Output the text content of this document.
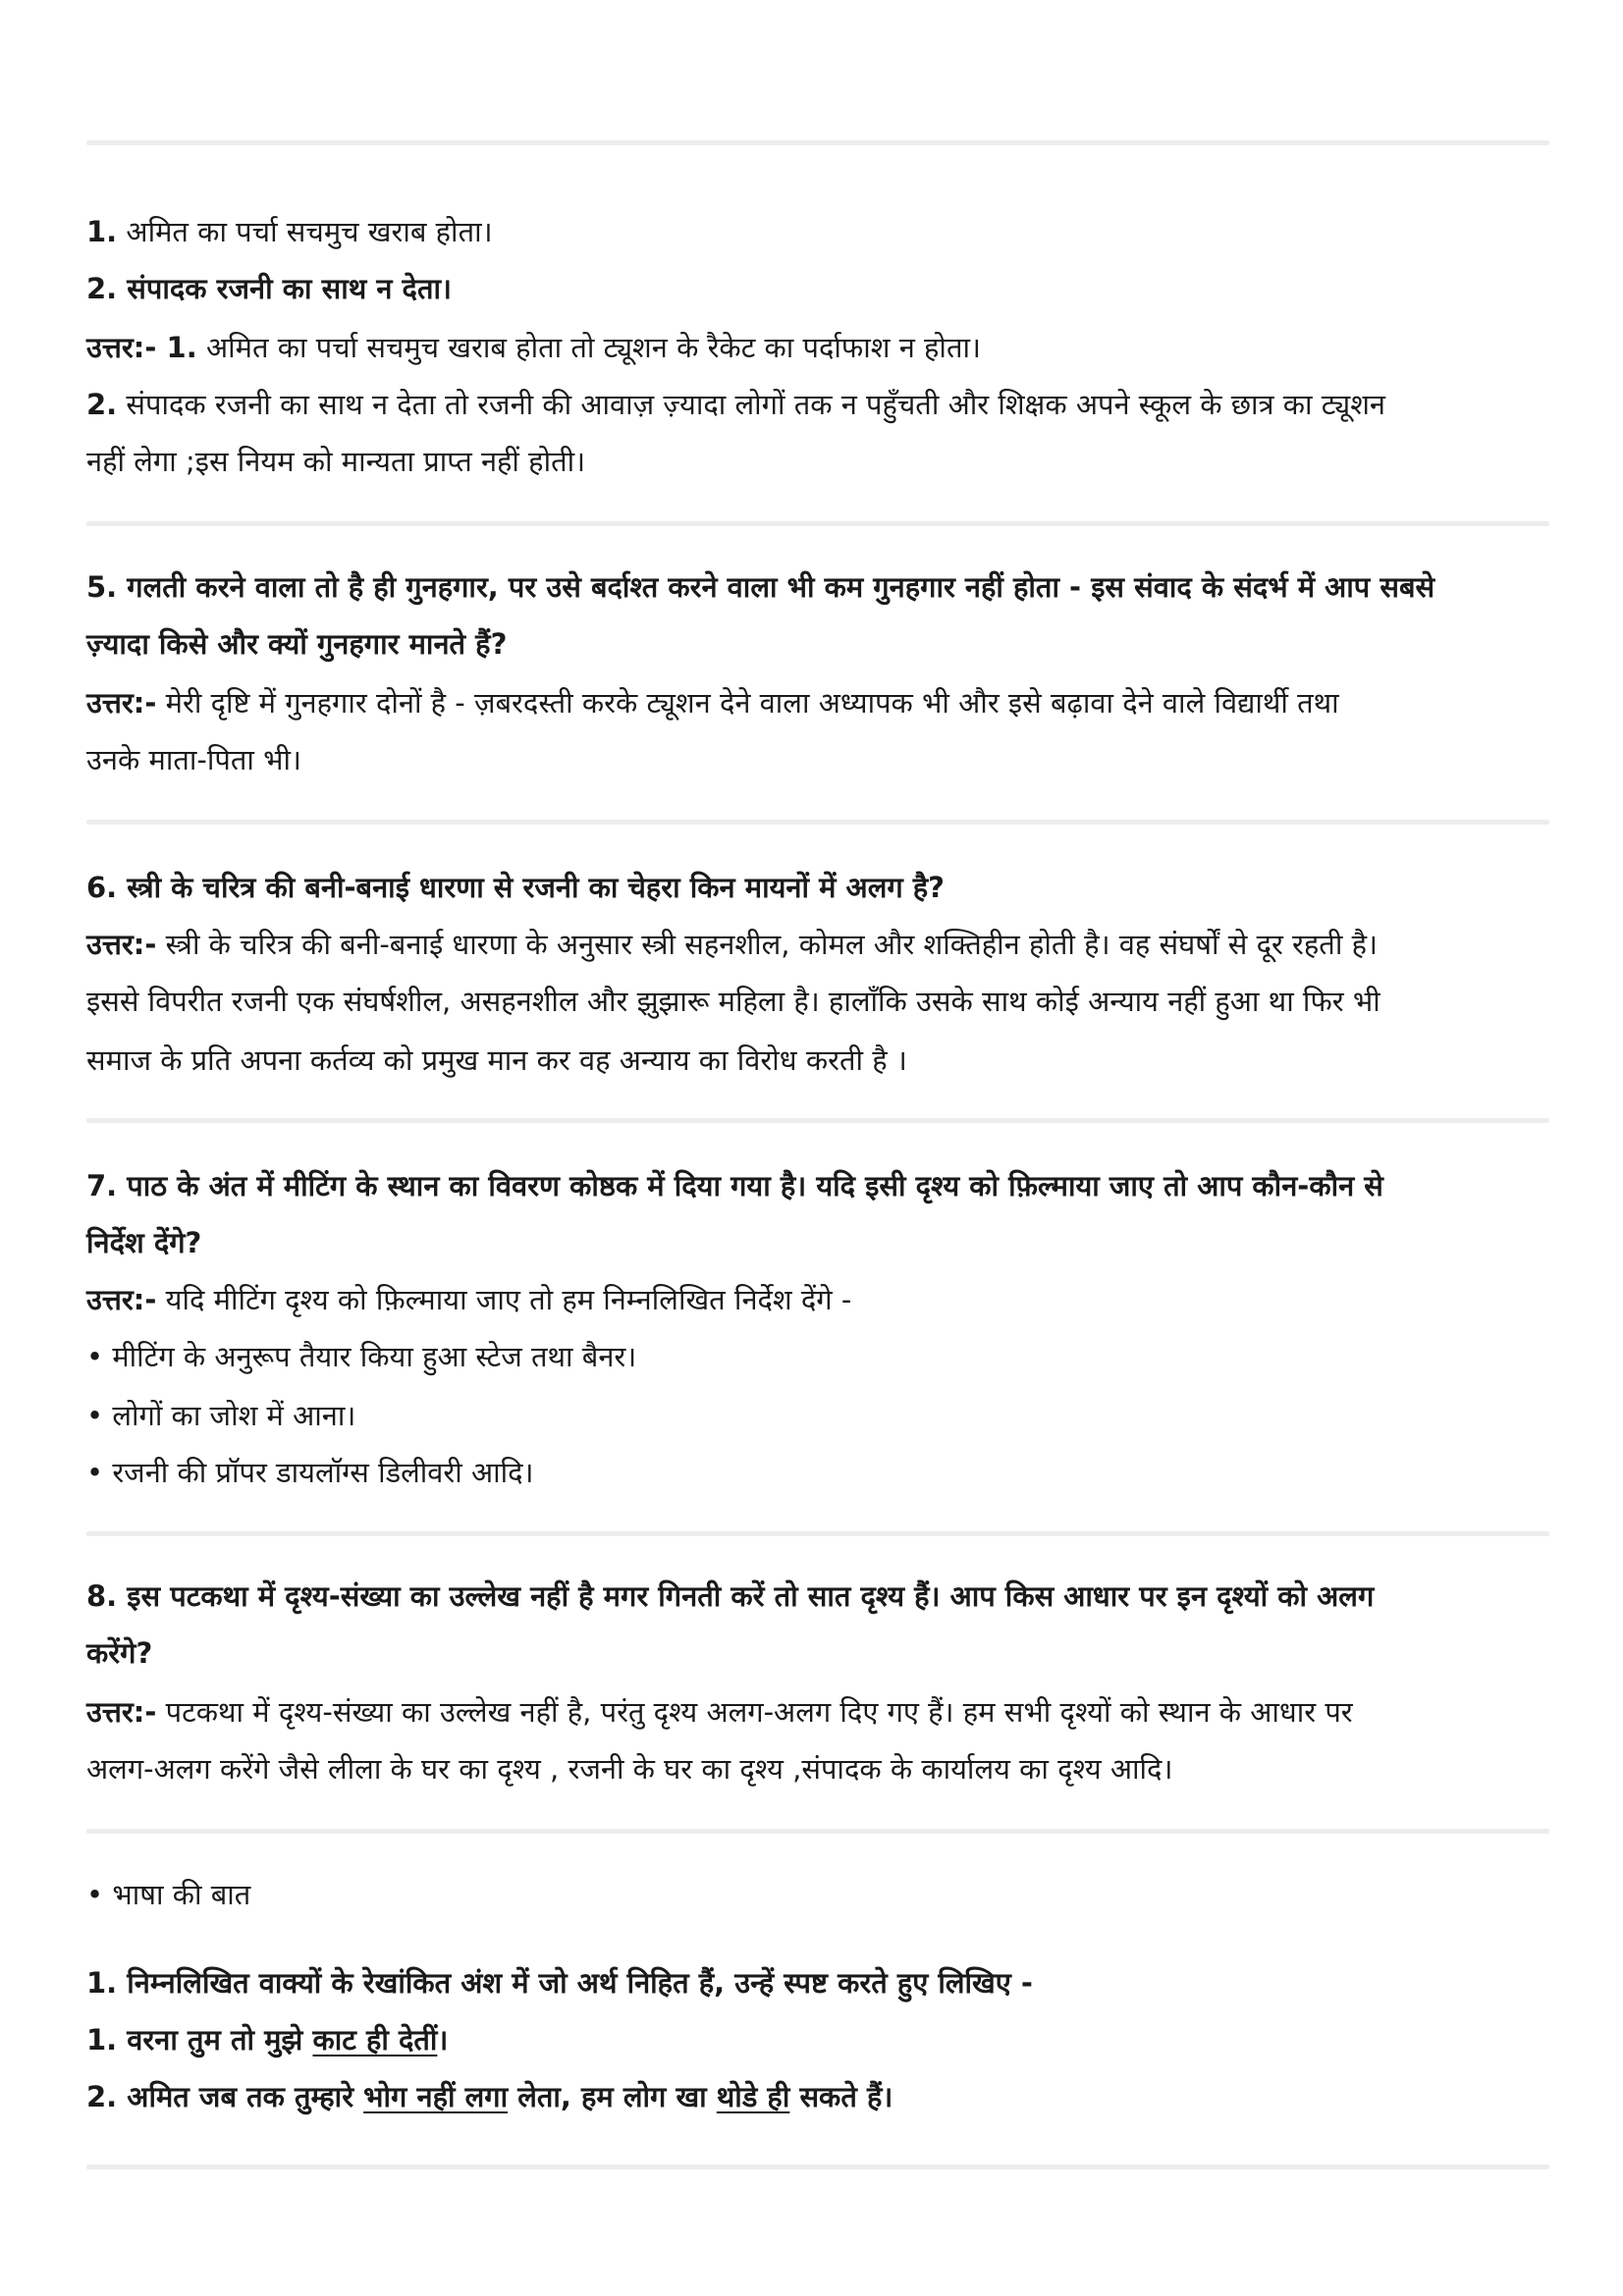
1. अमित का पर्चा सचमुच खराब होता।
2. संपादक रजनी का साथ न देता।
उत्तर:- 1. अमित का पर्चा सचमुच खराब होता तो ट्यूशन के रैकेट का पर्दाफाश न होता।
2. संपादक रजनी का साथ न देता तो रजनी की आवाज़ ज़्यादा लोगों तक न पहुँचती और शिक्षक अपने स्कूल के छात्र का ट्यूशन
नहीं लेगा ;इस नियम को मान्यता प्राप्त नहीं होती।
5. गलती करने वाला तो है ही गुनहगार, पर उसे बर्दाश्त करने वाला भी कम गुनहगार नहीं होता - इस संवाद के संदर्भ में आप सबसे
ज़्यादा किसे और क्यों गुनहगार मानते हैं?
उत्तर:- मेरी दृष्टि में गुनहगार दोनों है - ज़बरदस्ती करके ट्यूशन देने वाला अध्यापक भी और इसे बढ़ावा देने वाले विद्यार्थी तथा
उनके माता-पिता भी।
6. स्त्री के चरित्र की बनी-बनाई धारणा से रजनी का चेहरा किन मायनों में अलग है?
उत्तर:- स्त्री के चरित्र की बनी-बनाई धारणा के अनुसार स्त्री सहनशील, कोमल और शक्तिहीन होती है। वह संघर्षों से दूर रहती है।
इससे विपरीत रजनी एक संघर्षशील, असहनशील और झुझारू महिला है। हालाँकि उसके साथ कोई अन्याय नहीं हुआ था फिर भी
समाज के प्रति अपना कर्तव्य को प्रमुख मान कर वह अन्याय का विरोध करती है ।
7. पाठ के अंत में मीटिंग के स्थान का विवरण कोष्ठक में दिया गया है। यदि इसी दृश्य को फ़िल्माया जाए तो आप कौन-कौन से
निर्देश देंगे?
उत्तर:- यदि मीटिंग दृश्य को फ़िल्माया जाए तो हम निम्नलिखित निर्देश देंगे -
• मीटिंग के अनुरूप तैयार किया हुआ स्टेज तथा बैनर।
• लोगों का जोश में आना।
• रजनी की प्रॉपर डायलॉग्स डिलीवरी आदि।
8. इस पटकथा में दृश्य-संख्या का उल्लेख नहीं है मगर गिनती करें तो सात दृश्य हैं। आप किस आधार पर इन दृश्यों को अलग
करेंगे?
उत्तर:- पटकथा में दृश्य-संख्या का उल्लेख नहीं है, परंतु दृश्य अलग-अलग दिए गए हैं। हम सभी दृश्यों को स्थान के आधार पर
अलग-अलग करेंगे जैसे लीला के घर का दृश्य , रजनी के घर का दृश्य ,संपादक के कार्यालय का दृश्य आदि।
• भाषा की बात
1. निम्नलिखित वाक्यों के रेखांकित अंश में जो अर्थ निहित हैं, उन्हें स्पष्ट करते हुए लिखिए -
1. वरना तुम तो मुझे काट ही देतीं।
2. अमित जब तक तुम्हारे भोग नहीं लगा लेता, हम लोग खा थोडे ही सकते हैं।
